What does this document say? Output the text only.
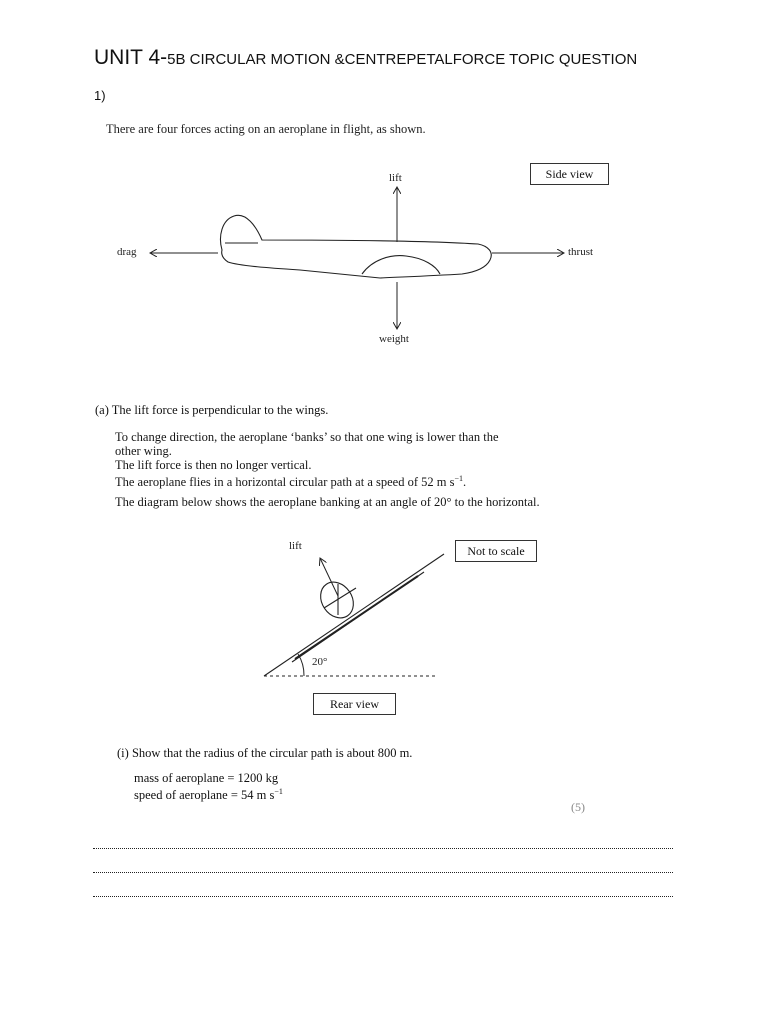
UNIT 4-5B CIRCULAR MOTION &CENTREPETALFORCE TOPIC QUESTION
1)
There are four forces acting on an aeroplane in flight, as shown.
lift
weight
drag	thrust
Side view
(a) The lift force is perpendicular to the wings.
To change direction, the aeroplane ‘banks’ so that one wing is lower than the
other wing.
The lift force is then no longer vertical.
The aeroplane flies in a horizontal circular path at a speed of 52 m $s^{-1}$.
The diagram below shows the aeroplane banking at an angle of 20° to the horizontal.
lift
20°
Not to scale
Rear view
(i) Show that the radius of the circular path is about 800 m.
mass of aeroplane = 1200 kg
speed of aeroplane = 54 m $s^{-1}$
(5)
